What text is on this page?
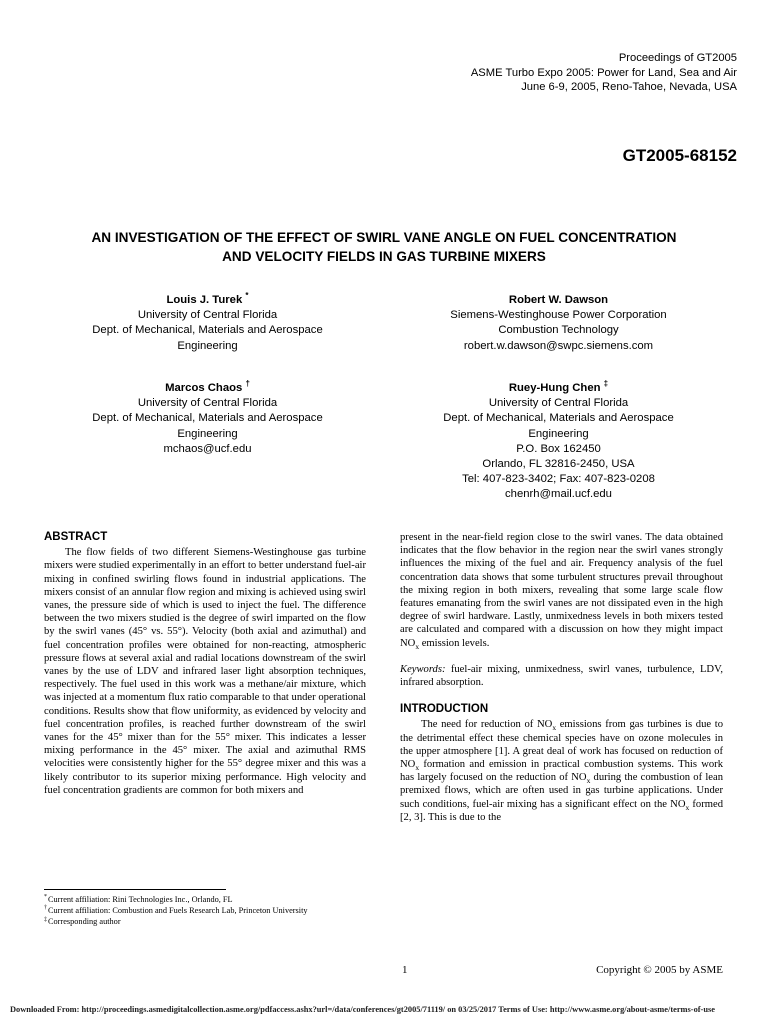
Proceedings of GT2005
ASME Turbo Expo 2005: Power for Land, Sea and Air
June 6-9, 2005, Reno-Tahoe, Nevada, USA
GT2005-68152
AN INVESTIGATION OF THE EFFECT OF SWIRL VANE ANGLE ON FUEL CONCENTRATION
AND VELOCITY FIELDS IN GAS TURBINE MIXERS
Louis J. Turek *
University of Central Florida
Dept. of Mechanical, Materials and Aerospace
Engineering
Robert W. Dawson
Siemens-Westinghouse Power Corporation
Combustion Technology
robert.w.dawson@swpc.siemens.com
Marcos Chaos †
University of Central Florida
Dept. of Mechanical, Materials and Aerospace
Engineering
mchaos@ucf.edu
Ruey-Hung Chen ‡
University of Central Florida
Dept. of Mechanical, Materials and Aerospace
Engineering
P.O. Box 162450
Orlando, FL 32816-2450, USA
Tel: 407-823-3402; Fax: 407-823-0208
chenrh@mail.ucf.edu
ABSTRACT

The flow fields of two different Siemens-Westinghouse gas turbine mixers were studied experimentally in an effort to better understand fuel-air mixing in confined swirling flows found in industrial applications. The mixers consist of an annular flow region and mixing is achieved using swirl vanes, the pressure side of which is used to inject the fuel. The difference between the two mixers studied is the degree of swirl imparted on the flow by the swirl vanes (45° vs. 55°). Velocity (both axial and azimuthal) and fuel concentration profiles were obtained for non-reacting, atmospheric pressure flows at several axial and radial locations downstream of the swirl vanes by the use of LDV and infrared laser light absorption techniques, respectively. The fuel used in this work was a methane/air mixture, which was injected at a momentum flux ratio comparable to that under operational conditions. Results show that flow uniformity, as evidenced by velocity and fuel concentration profiles, is reached further downstream of the swirl vanes for the 45° mixer than for the 55° mixer. This indicates a lesser mixing performance in the 45° mixer. The axial and azimuthal RMS velocities were consistently higher for the 55° degree mixer and this was a likely contributor to its superior mixing performance. High velocity and fuel concentration gradients are common for both mixers and

present in the near-field region close to the swirl vanes. The data obtained indicates that the flow behavior in the region near the swirl vanes strongly influences the mixing of the fuel and air. Frequency analysis of the fuel concentration data shows that some turbulent structures prevail throughout the mixing region in both mixers, revealing that some large scale flow features emanating from the swirl vanes are not dissipated even in the high degree of swirl hardware. Lastly, unmixedness levels in both mixers tested are calculated and compared with a discussion on how they might impact $NO_x$ emission levels.

Keywords: fuel-air mixing, unmixedness, swirl vanes, turbulence, LDV, infrared absorption.

INTRODUCTION

The need for reduction of $NO_x$ emissions from gas turbines is due to the detrimental effect these chemical species have on ozone molecules in the upper atmosphere [1]. A great deal of work has focused on reduction of $NO_x$ formation and emission in practical combustion systems. This work has largely focused on the reduction of $NO_x$ during the combustion of lean premixed flows, which are often used in gas turbine applications. Under such conditions, fuel-air mixing has a significant effect on the $NO_x$ formed [2, 3]. This is due to the

*Current affiliation: Rini Technologies Inc., Orlando, FL
†Current affiliation: Combustion and Fuels Research Lab, Princeton University
‡Corresponding author
1	Copyright © 2005 by ASME
Downloaded From: http://proceedings.asmedigitalcollection.asme.org/pdfaccess.ashx?url=/data/conferences/gt2005/71119/ on 03/25/2017 Terms of Use: http://www.asme.org/about-asme/terms-of-use
